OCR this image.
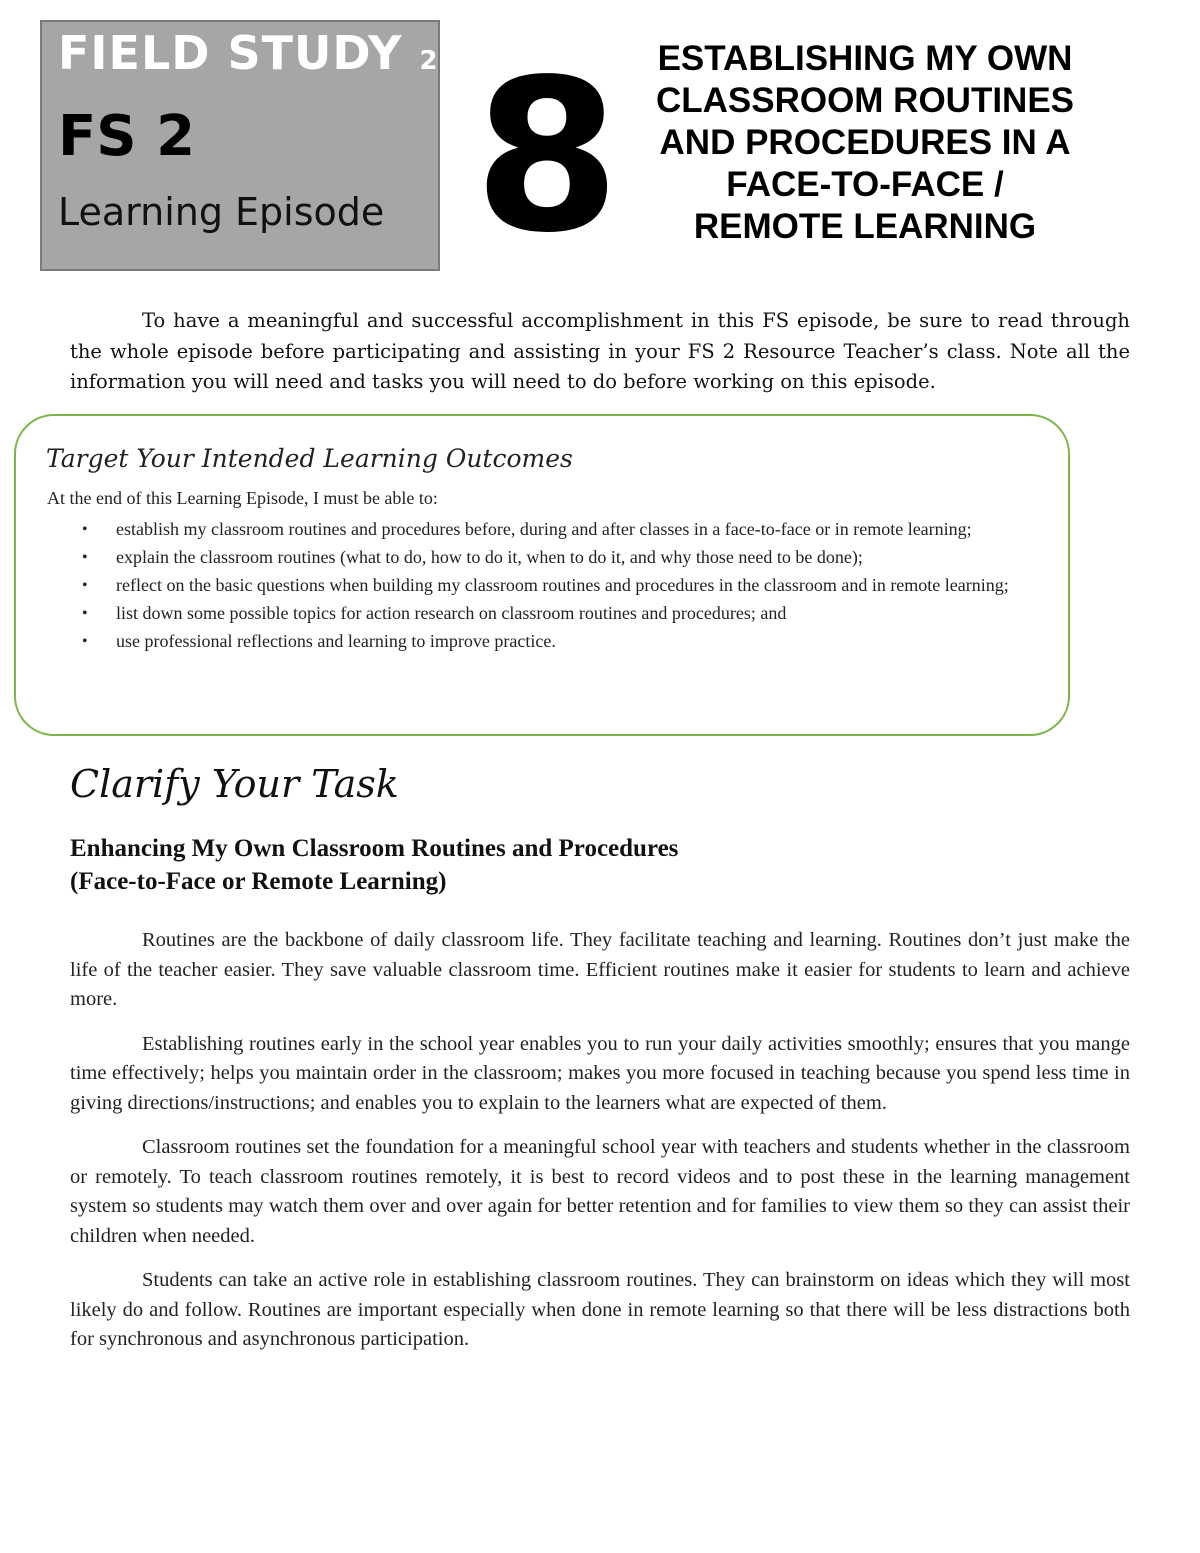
FIELD STUDY 2
FS 2
Learning Episode 8	ESTABLISHING MY OWN
CLASSROOM ROUTINES
AND PROCEDURES IN A
FACE-TO-FACE /
REMOTE LEARNING
To have a meaningful and successful accomplishment in this FS episode, be sure to read through the whole episode before participating and assisting in your FS 2 Resource Teacher’s class. Note all the information you will need and tasks you will need to do before working on this episode.
Target Your Intended Learning Outcomes
At the end of this Learning Episode, I must be able to:
• establish my classroom routines and procedures before, during and after classes in a face-to-face or in remote learning;
• explain the classroom routines (what to do, how to do it, when to do it, and why those need to be done);
• reflect on the basic questions when building my classroom routines and procedures in the classroom and in remote learning;
• list down some possible topics for action research on classroom routines and procedures; and
• use professional reflections and learning to improve practice.
Clarify Your Task
Enhancing My Own Classroom Routines and Procedures
(Face-to-Face or Remote Learning)

Routines are the backbone of daily classroom life. They facilitate teaching and learning. Routines don’t just make the life of the teacher easier. They save valuable classroom time. Efficient routines make it easier for students to learn and achieve more.

Establishing routines early in the school year enables you to run your daily activities smoothly; ensures that you mange time effectively; helps you maintain order in the classroom; makes you more focused in teaching because you spend less time in giving directions/instructions; and enables you to explain to the learners what are expected of them.

Classroom routines set the foundation for a meaningful school year with teachers and students whether in the classroom or remotely. To teach classroom routines remotely, it is best to record videos and to post these in the learning management system so students may watch them over and over again for better retention and for families to view them so they can assist their children when needed.

Students can take an active role in establishing classroom routines. They can brainstorm on ideas which they will most likely do and follow. Routines are important especially when done in remote learning so that there will be less distractions both for synchronous and asynchronous participation.
